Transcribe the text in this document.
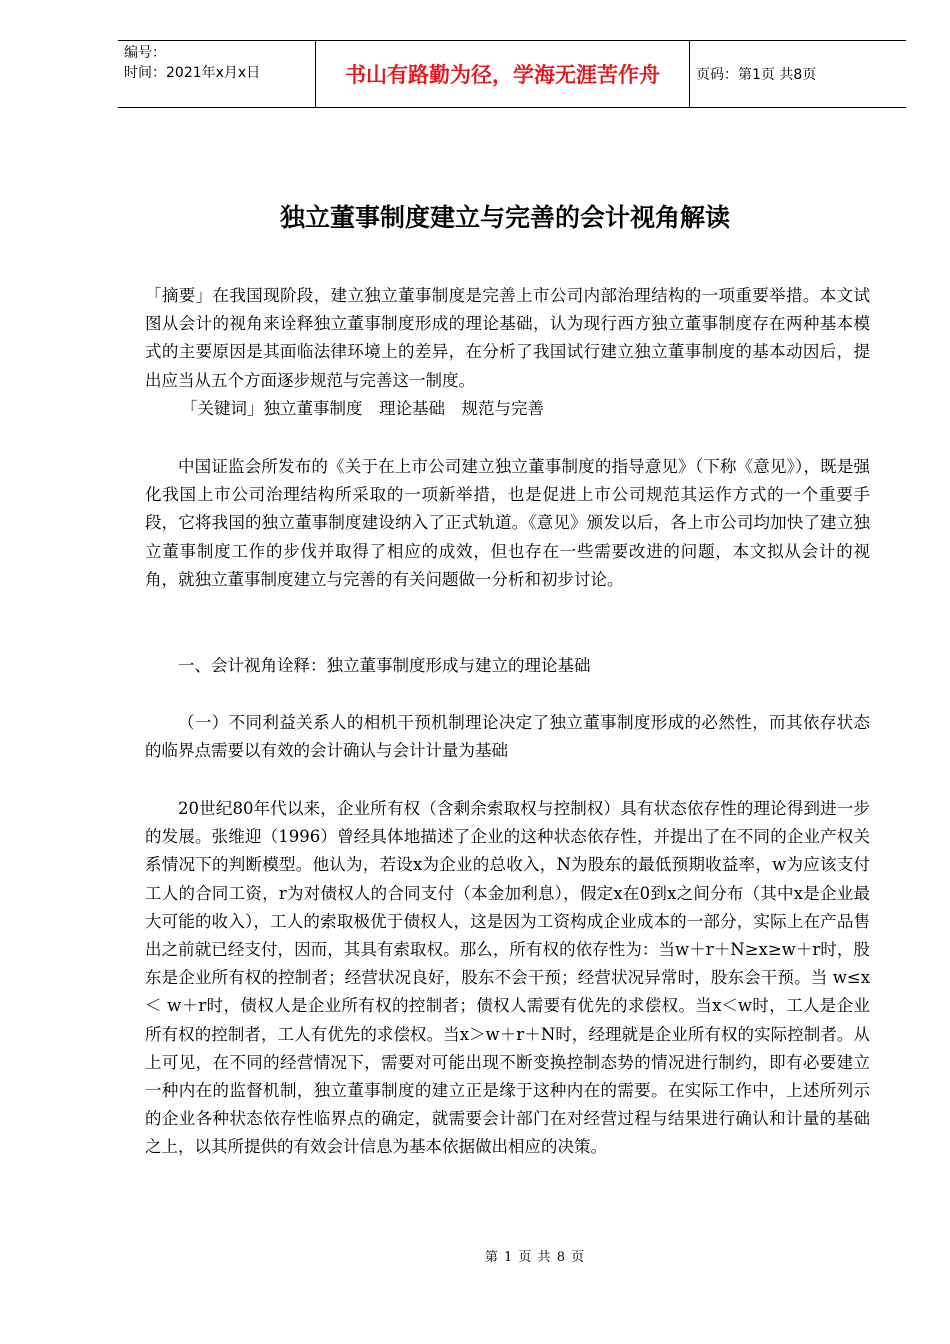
编号：
时间：2021年x月x日	书山有路勤为径，学海无涯苦作舟	页码：第1页 共8页
独立董事制度建立与完善的会计视角解读
「摘要」在我国现阶段，建立独立董事制度是完善上市公司内部治理结构的一项重要举措。本文试图从会计的视角来诠释独立董事制度形成的理论基础，认为现行西方独立董事制度存在两种基本模式的主要原因是其面临法律环境上的差异，在分析了我国试行建立独立董事制度的基本动因后，提出应当从五个方面逐步规范与完善这一制度。
「关键词」独立董事制度　理论基础　规范与完善
中国证监会所发布的《关于在上市公司建立独立董事制度的指导意见》（下称《意见》），既是强化我国上市公司治理结构所采取的一项新举措，也是促进上市公司规范其运作方式的一个重要手段，它将我国的独立董事制度建设纳入了正式轨道。《意见》颁发以后，各上市公司均加快了建立独立董事制度工作的步伐并取得了相应的成效，但也存在一些需要改进的问题，本文拟从会计的视角，就独立董事制度建立与完善的有关问题做一分析和初步讨论。
一、会计视角诠释：独立董事制度形成与建立的理论基础
（一）不同利益关系人的相机干预机制理论决定了独立董事制度形成的必然性，而其依存状态的临界点需要以有效的会计确认与会计计量为基础
20世纪80年代以来，企业所有权（含剩余索取权与控制权）具有状态依存性的理论得到进一步的发展。张维迎（1996）曾经具体地描述了企业的这种状态依存性，并提出了在不同的企业产权关系情况下的判断模型。他认为，若设x为企业的总收入，N为股东的最低预期收益率，w为应该支付工人的合同工资，r为对债权人的合同支付（本金加利息），假定x在0到x之间分布（其中x是企业最大可能的收入），工人的索取极优于债权人，这是因为工资构成企业成本的一部分，实际上在产品售出之前就已经支付，因而，其具有索取权。那么，所有权的依存性为：当w＋r＋N≥x≥w＋r时，股东是企业所有权的控制者；经营状况良好，股东不会干预；经营状况异常时，股东会干预。当 w≤x＜ w＋r时，债权人是企业所有权的控制者；债权人需要有优先的求偿权。当x＜w时，工人是企业所有权的控制者，工人有优先的求偿权。当x＞w＋r＋N时，经理就是企业所有权的实际控制者。从上可见，在不同的经营情况下，需要对可能出现不断变换控制态势的情况进行制约，即有必要建立一种内在的监督机制，独立董事制度的建立正是缘于这种内在的需要。在实际工作中，上述所列示的企业各种状态依存性临界点的确定，就需要会计部门在对经营过程与结果进行确认和计量的基础之上，以其所提供的有效会计信息为基本依据做出相应的决策。
第 1 页 共 8 页
